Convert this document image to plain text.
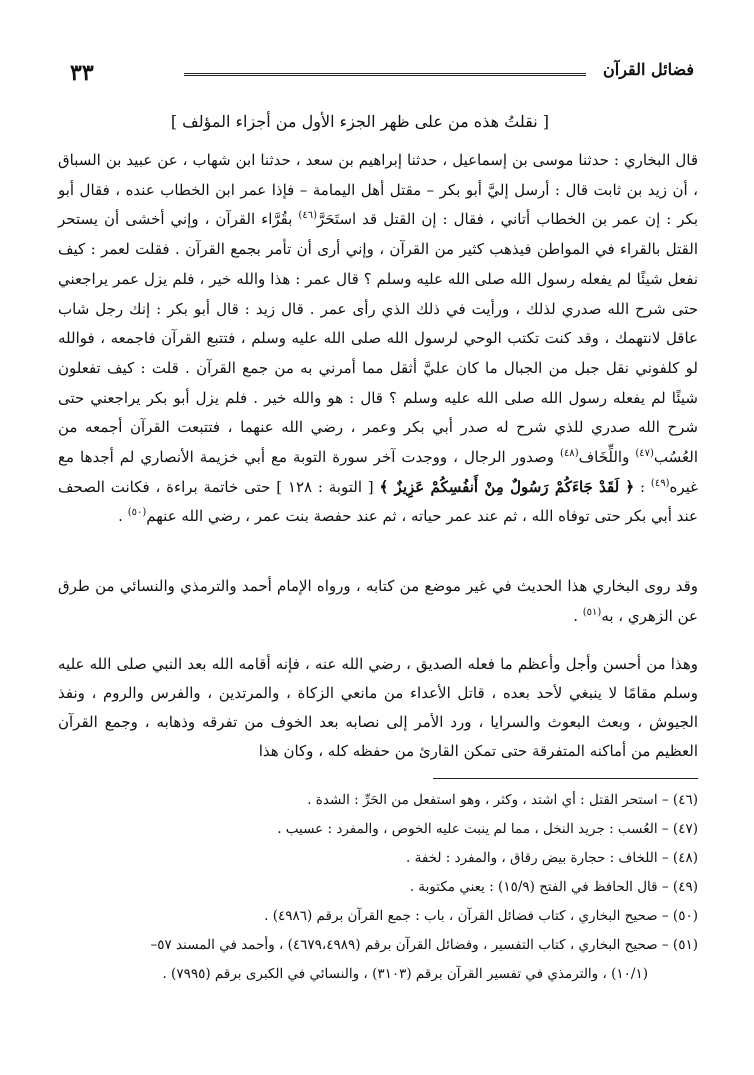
٣٣	فضائل القرآن
[ نقلتُ هذه من على ظهر الجزء الأول من أجزاء المؤلف ]

قال البخاري : حدثنا موسى بن إسماعيل ، حدثنا إبراهيم بن سعد ، حدثنا ابن شهاب ، عن عبيد بن السباق ، أن زيد بن ثابت قال : أرسل إليَّ أبو بكر – مقتل أهل اليمامة – فإذا عمر ابن الخطاب عنده ، فقال أبو بكر : إن عمر بن الخطاب أتاني ، فقال : إن القتل قد استَحَرَّ$^{(٤٦)}$ بقُرَّاء القرآن ، وإني أخشى أن يستحر القتل بالقراء في المواطن فيذهب كثير من القرآن ، وإني أرى أن تأمر بجمع القرآن . فقلت لعمر : كيف نفعل شيئًا لم يفعله رسول الله صلى الله عليه وسلم ؟ قال عمر : هذا والله خير ، فلم يزل عمر يراجعني حتى شرح الله صدري لذلك ، ورأيت في ذلك الذي رأى عمر . قال زيد : قال أبو بكر : إنك رجل شاب عاقل لانتهمك ، وقد كنت تكتب الوحي لرسول الله صلى الله عليه وسلم ، فتتبع القرآن فاجمعه ، فوالله لو كلفوني نقل جبل من الجبال ما كان عليَّ أثقل مما أمرني به من جمع القرآن . قلت : كيف تفعلون شيئًا لم يفعله رسول الله صلى الله عليه وسلم ؟ قال : هو والله خير . فلم يزل أبو بكر يراجعني حتى شرح الله صدري للذي شرح له صدر أبي بكر وعمر ، رضي الله عنهما ، فتتبعت القرآن أجمعه من العُسُب$^{(٤٧)}$ واللِّخَاف$^{(٤٨)}$ وصدور الرجال ، ووجدت آخر سورة التوبة مع أبي خزيمة الأنصاري لم أجدها مع غيره$^{(٤٩)}$ : ﴿ لَقَدْ جَاءَكُمْ رَسُولٌ مِنْ أَنفُسِكُمْ عَزِيزٌ ﴾ [ التوبة : ١٢٨ ] حتى خاتمة براءة ، فكانت الصحف عند أبي بكر حتى توفاه الله ، ثم عند عمر حياته ، ثم عند حفصة بنت عمر ، رضي الله عنهم$^{(٥٠)}$ .

وقد روى البخاري هذا الحديث في غير موضع من كتابه ، ورواه الإمام أحمد والترمذي والنسائي من طرق عن الزهري ، به$^{(٥١)}$ .

وهذا من أحسن وأجل وأعظم ما فعله الصديق ، رضي الله عنه ، فإنه أقامه الله بعد النبي صلى الله عليه وسلم مقامًا لا ينبغي لأحد بعده ، قاتل الأعداء من مانعي الزكاة ، والمرتدين ، والفرس والروم ، ونفذ الجيوش ، وبعث البعوث والسرايا ، ورد الأمر إلى نصابه بعد الخوف من تفرقه وذهابه ، وجمع القرآن العظيم من أماكنه المتفرقة حتى تمكن القارئ من حفظه كله ، وكان هذا

(٤٦) – استحر القتل : أي اشتد ، وكثر ، وهو استفعل من الحَرِّ : الشدة .

(٤٧) – العُسب : جريد النخل ، مما لم ينبت عليه الخوص ، والمفرد : عسيب .

(٤٨) – اللخاف : حجارة بيض رقاق ، والمفرد : لخفة .

(٤٩) – قال الحافظ في الفتح (١٥/٩) : يعني مكتوبة .

(٥٠) – صحيح البخاري ، كتاب فضائل القرآن ، باب : جمع القرآن برقم (٤٩٨٦) .

(٥١) – صحيح البخاري ، كتاب التفسير ، وفضائل القرآن برقم (٤٦٧٩،٤٩٨٩) ، وأحمد في المسند ٥٧–

(١٠/١) ، والترمذي في تفسير القرآن برقم (٣١٠٣) ، والنسائي في الكبرى برقم (٧٩٩٥) .
